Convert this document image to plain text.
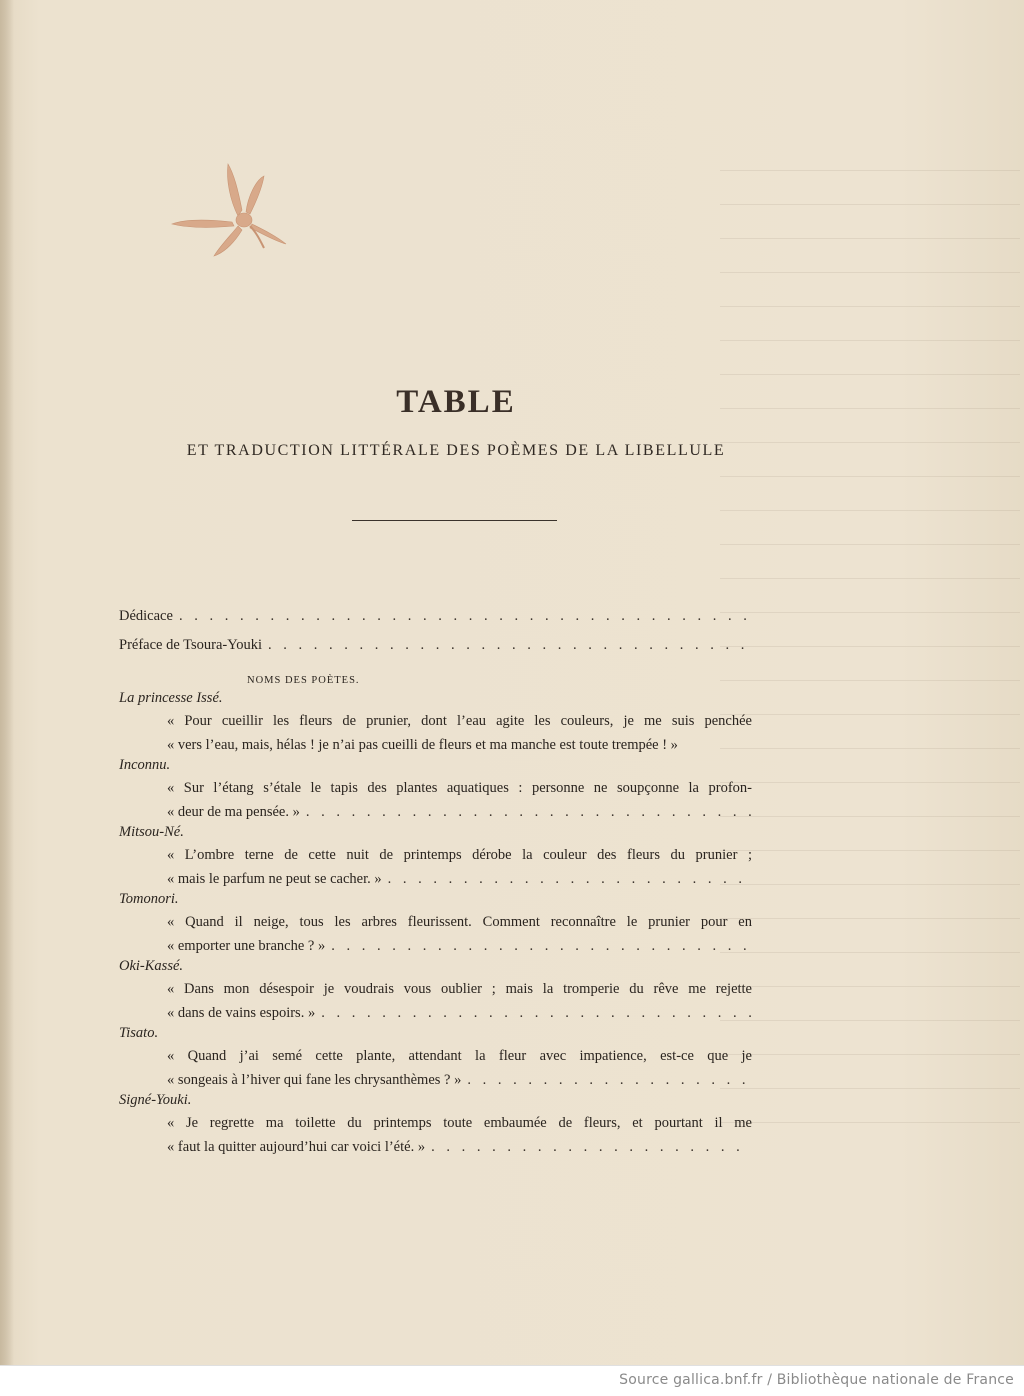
TABLE
ET TRADUCTION LITTÉRALE DES POÈMES DE LA LIBELLULE
Dédicace
. . .
Préface de Tsoura-Youki
. . .
NOMS DES POÈTES.
La princesse Issé.
« Pour cueillir les fleurs de prunier, dont l’eau agite les couleurs, je me suis penchée
« vers l’eau, mais, hélas ! je n’ai pas cueilli de fleurs et ma manche est toute trempée ! »
Inconnu.
« Sur l’étang s’étale le tapis des plantes aquatiques : personne ne soupçonne la profon-
« deur de ma pensée. »
. . .
Mitsou-Né.
« L’ombre terne de cette nuit de printemps dérobe la couleur des fleurs du prunier ;
« mais le parfum ne peut se cacher. »
. . .
Tomonori.
« Quand il neige, tous les arbres fleurissent. Comment reconnaître le prunier pour en
« emporter une branche ? »
. . .
Oki-Kassé.
« Dans mon désespoir je voudrais vous oublier ; mais la tromperie du rêve me rejette
« dans de vains espoirs. »
. . .
Tisato.
« Quand j’ai semé cette plante, attendant la fleur avec impatience, est-ce que je
« songeais à l’hiver qui fane les chrysanthèmes ? »
. . .
Signé-Youki.
« Je regrette ma toilette du printemps toute embaumée de fleurs, et pourtant il me
« faut la quitter aujourd’hui car voici l’été. »
. . .
Source gallica.bnf.fr / Bibliothèque nationale de France
